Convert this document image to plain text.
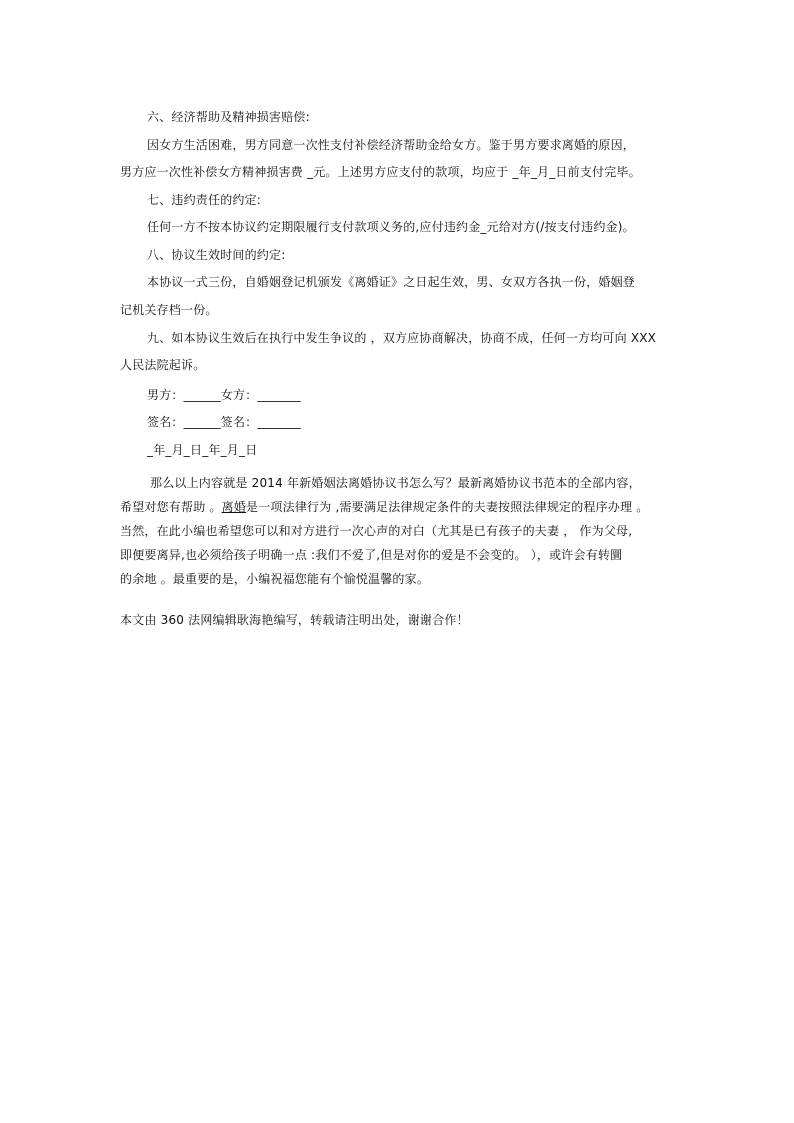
六、经济帮助及精神损害赔偿:
因女方生活困难，男方同意一次性支付补偿经济帮助金给女方。鉴于男方要求离婚的原因，
男方应一次性补偿女方精神损害费 _元。上述男方应支付的款项，均应于 _年_月_日前支付完毕。
七、违约责任的约定:
任何一方不按本协议约定期限履行支付款项义务的,应付违约金_元给对方(/按支付违约金)。
八、协议生效时间的约定:
本协议一式三份，自婚姻登记机颁发《离婚证》之日起生效，男、女双方各执一份，婚姻登
记机关存档一份。
九、如本协议生效后在执行中发生争议的 ，双方应协商解决，协商不成，任何一方均可向 XXX
人民法院起诉。
男方：______女方：_______
签名：______签名：_______
_年_月_日_年_月_日
那么以上内容就是 2014 年新婚姻法离婚协议书怎么写？最新离婚协议书范本的全部内容，
希望对您有帮助 。离婚是一项法律行为 ,需要满足法律规定条件的夫妻按照法律规定的程序办理 。
当然，在此小编也希望您可以和对方进行一次心声的对白（尤其是已有孩子的夫妻 ， 作为父母,
即便要离异,也必须给孩子明确一点 :我们不爱了,但是对你的爱是不会变的。 ），或许会有转圜
的余地 。最重要的是，小编祝福您能有个愉悦温馨的家。
本文由 360 法网编辑耿海艳编写，转载请注明出处，谢谢合作！
